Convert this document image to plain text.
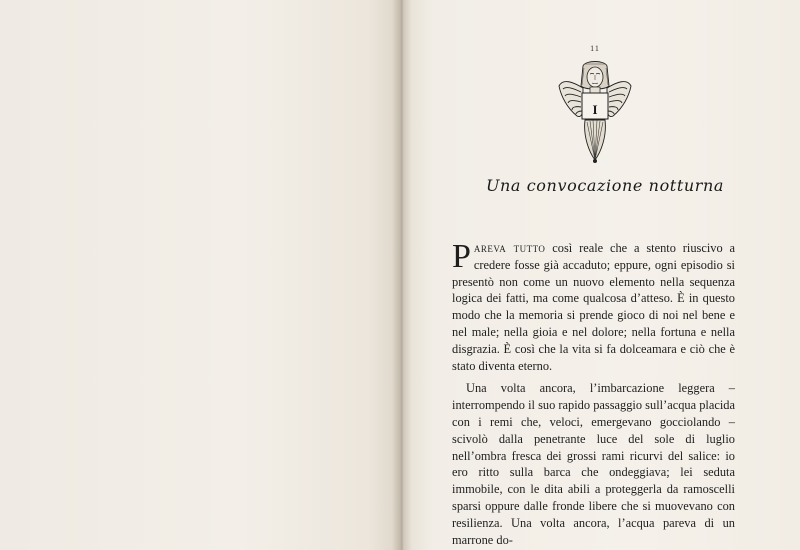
11
I
Una convocazione notturna

Pareva tutto così reale che a stento riuscivo a credere fosse già accaduto; eppure, ogni episodio si presentò non come un nuovo elemento nella sequenza logica dei fatti, ma come qualcosa d’atteso. È in questo modo che la memoria si prende gioco di noi nel bene e nel male; nella gioia e nel dolore; nella fortuna e nella disgrazia. È così che la vita si fa dolceamara e ciò che è stato diventa eterno.

Una volta ancora, l’imbarcazione leggera – interrompendo il suo rapido passaggio sull’acqua placida con i remi che, veloci, emergevano gocciolando – scivolò dalla penetrante luce del sole di luglio nell’ombra fresca dei grossi rami ricurvi del salice: io ero ritto sulla barca che ondeggiava; lei seduta immobile, con le dita abili a proteggerla da ramoscelli sparsi oppure dalle fronde libere che si muovevano con resilienza. Una volta ancora, l’acqua pareva di un marrone do-
